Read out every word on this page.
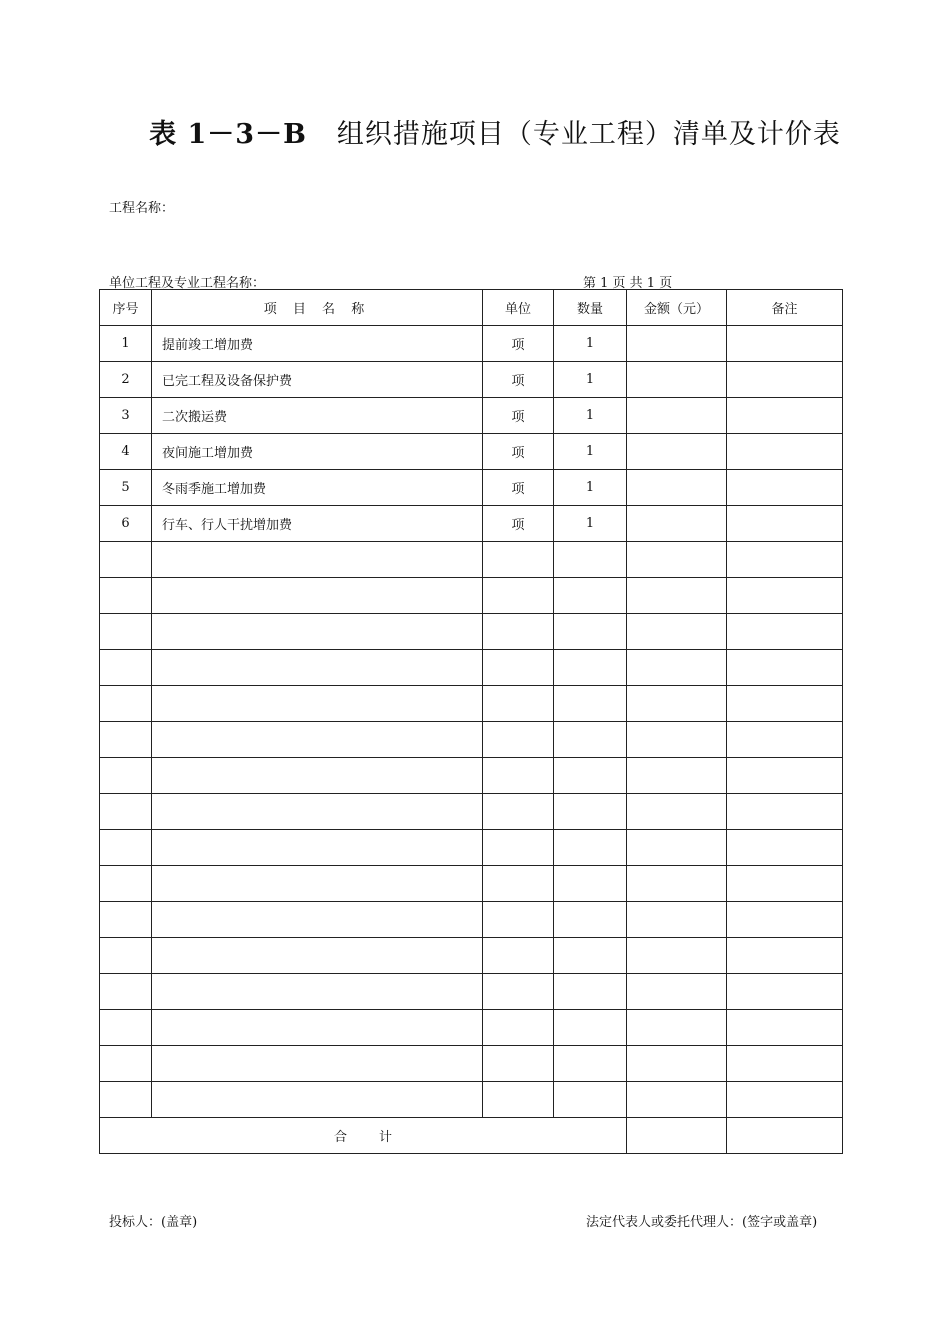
表 1－3－B 组织措施项目（专业工程）清单及计价表
工程名称：
单位工程及专业工程名称：	第 1 页 共 1 页
序号	项 目 名 称	单位	数量	金额（元）	备注
1	提前竣工增加费	项	1		
2	已完工程及设备保护费	项	1		
3	二次搬运费	项	1		
4	夜间施工增加费	项	1		
5	冬雨季施工增加费	项	1		
6	行车、行人干扰增加费	项	1		

合 计					
投标人：(盖章)	法定代表人或委托代理人：(签字或盖章)
